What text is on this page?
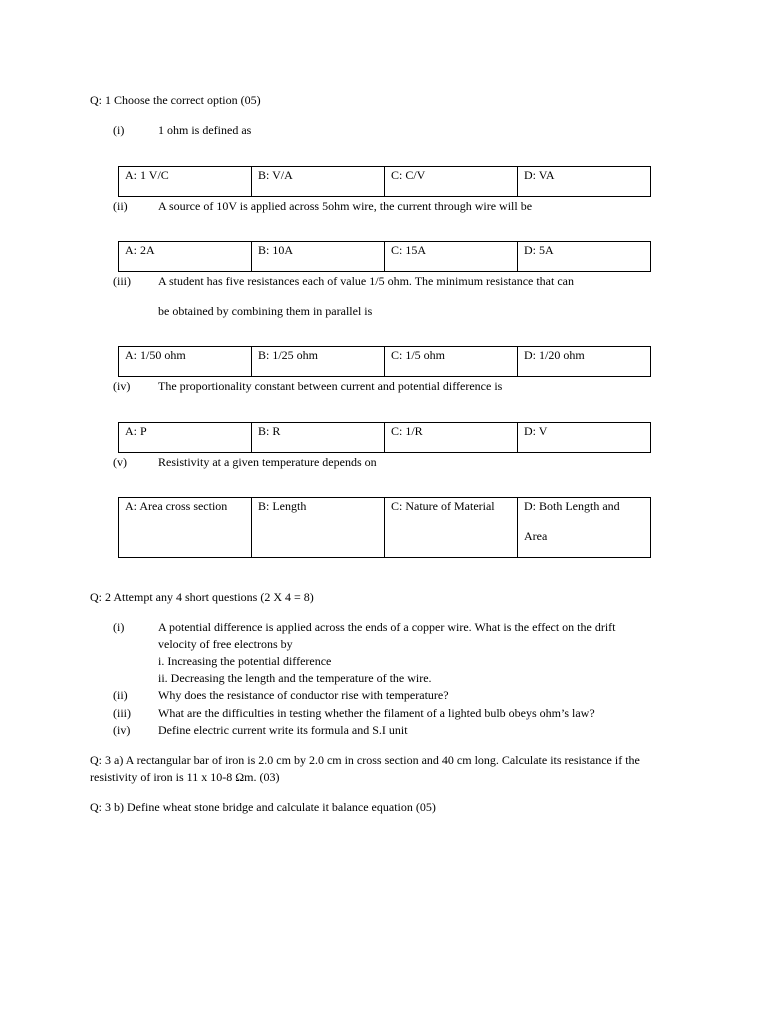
Q: 1 Choose the correct option (05)
(i)	1 ohm is defined as
A: 1 V/C	B: V/A	C: C/V	D: VA
(ii)	A source of 10V is applied across 5ohm wire, the current through wire will be
A: 2A	B: 10A	C: 15A	D: 5A
(iii) A student has five resistances each of value 1/5 ohm. The minimum resistance that can
be obtained by combining them in parallel is
A: 1/50 ohm	B: 1/25 ohm	C: 1/5 ohm	D: 1/20 ohm
(iv) The proportionality constant between current and potential difference is
A: P	B: R	C: 1/R	D: V
(v)	Resistivity at a given temperature depends on
A: Area cross section	B: Length	C: Nature of Material	D: Both Length and
Area
Q: 2 Attempt any 4 short questions (2 X 4 = 8)
(i)	A potential difference is applied across the ends of a copper wire. What is the effect on the drift
velocity of free electrons by
i. Increasing the potential difference
ii. Decreasing the length and the temperature of the wire.
(ii)	Why does the resistance of conductor rise with temperature?
(iii) What are the difficulties in testing whether the filament of a lighted bulb obeys ohm’s law?
(iv) Define electric current write its formula and S.I unit
Q: 3 a) A rectangular bar of iron is 2.0 cm by 2.0 cm in cross section and 40 cm long. Calculate its resistance if the resistivity of iron is 11 x 10-8 Ωm. (03)
Q: 3 b) Define wheat stone bridge and calculate it balance equation (05)
